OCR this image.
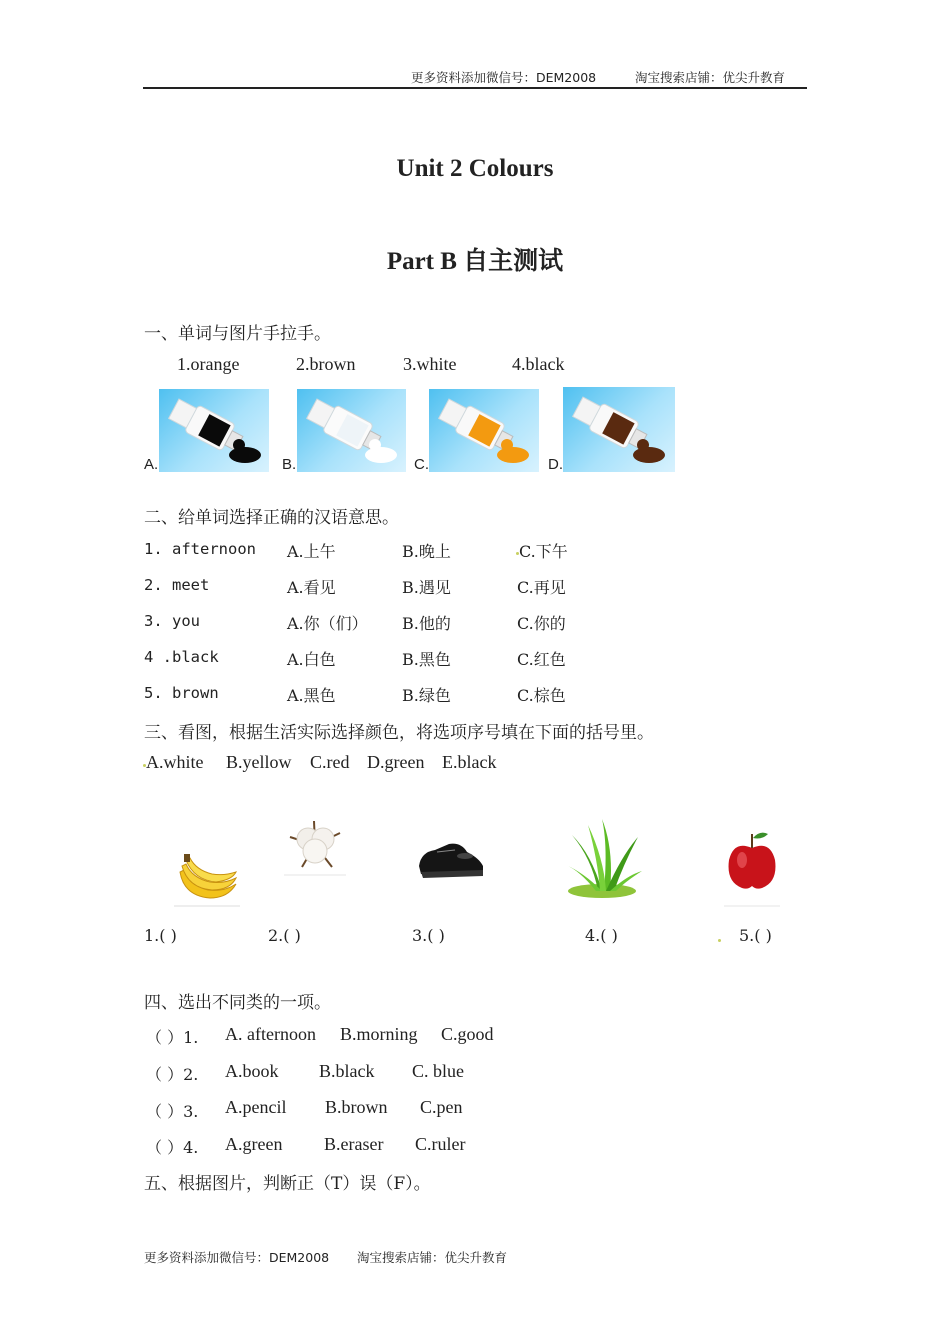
更多资料添加微信号：DEM2008	淘宝搜索店铺：优尖升教育
Unit 2 Colours
Part B 自主测试
一、单词与图片手拉手。
1.orange	2.brown	3.white	4.black
A.	B.	C.	D.
二、给单词选择正确的汉语意思。
1. afternoon A.上午	B.晚上	C.下午
2. meet	A.看见	B.遇见	C.再见
3. you	A.你（们） B.他的	C.你的
4 .black	A.白色	B.黑色	C.红色
5. brown	A.黑色	B.绿色	C.棕色
三、看图，根据生活实际选择颜色，将选项序号填在下面的括号里。
A.white B.yellow C.red D.green E.black
1.( )	2.( )	3.( )	4.( )	5.( )
四、选出不同类的一项。
（ ）1. A. afternoon B.morning C.good
（ ）2. A.book B.black C. blue
（ ）3. A.pencil B.brown C.pen
（ ）4. A.green B.eraser C.ruler
五、根据图片，判断正（T）误（F）。
更多资料添加微信号：DEM2008 淘宝搜索店铺：优尖升教育
